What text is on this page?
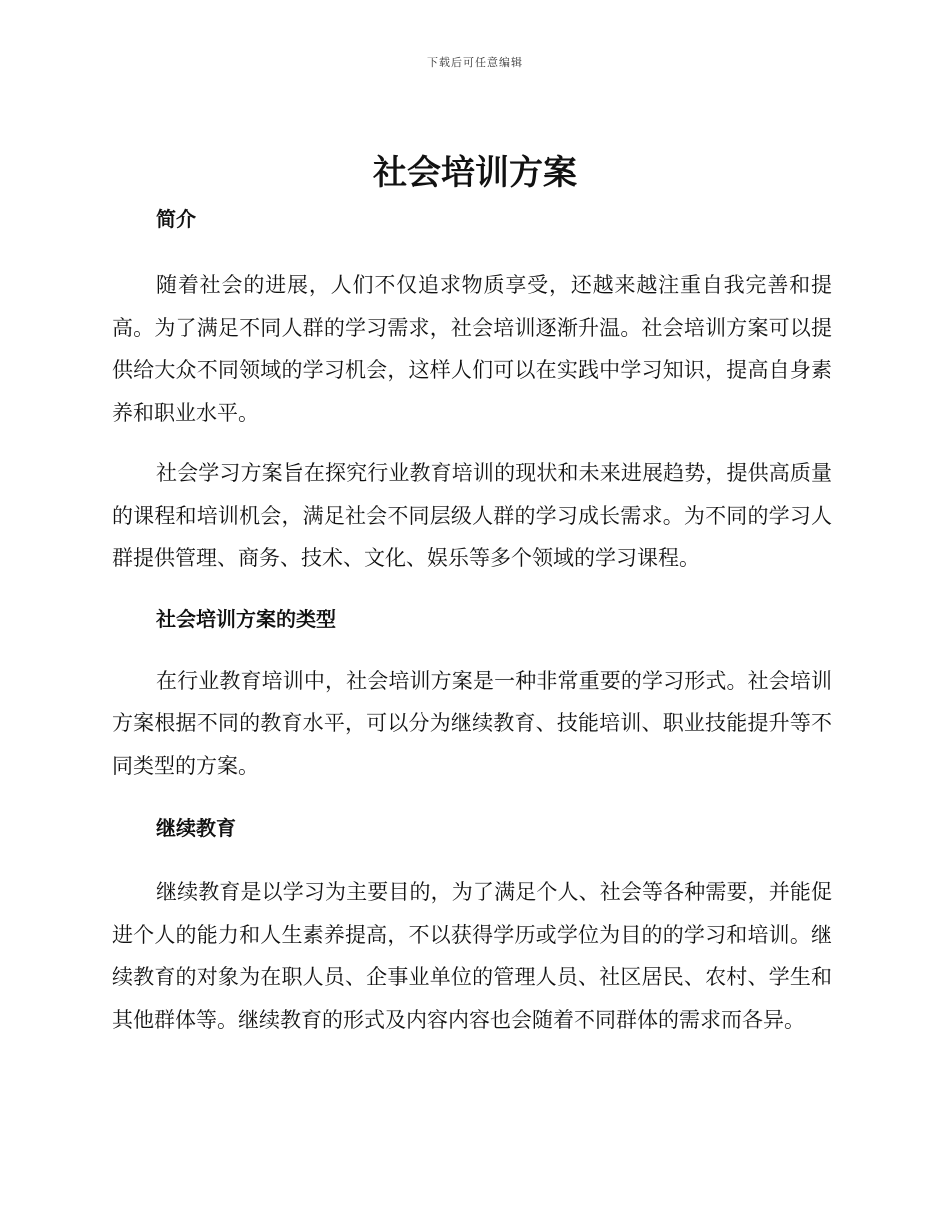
下载后可任意编辑
社会培训方案
简介

随着社会的进展，人们不仅追求物质享受，还越来越注重自我完善和提高。为了满足不同人群的学习需求，社会培训逐渐升温。社会培训方案可以提供给大众不同领域的学习机会，这样人们可以在实践中学习知识，提高自身素养和职业水平。

社会学习方案旨在探究行业教育培训的现状和未来进展趋势，提供高质量的课程和培训机会，满足社会不同层级人群的学习成长需求。为不同的学习人群提供管理、商务、技术、文化、娱乐等多个领域的学习课程。

社会培训方案的类型

在行业教育培训中，社会培训方案是一种非常重要的学习形式。社会培训方案根据不同的教育水平，可以分为继续教育、技能培训、职业技能提升等不同类型的方案。

继续教育

继续教育是以学习为主要目的，为了满足个人、社会等各种需要，并能促进个人的能力和人生素养提高，不以获得学历或学位为目的的学习和培训。继续教育的对象为在职人员、企事业单位的管理人员、社区居民、农村、学生和其他群体等。继续教育的形式及内容内容也会随着不同群体的需求而各异。
